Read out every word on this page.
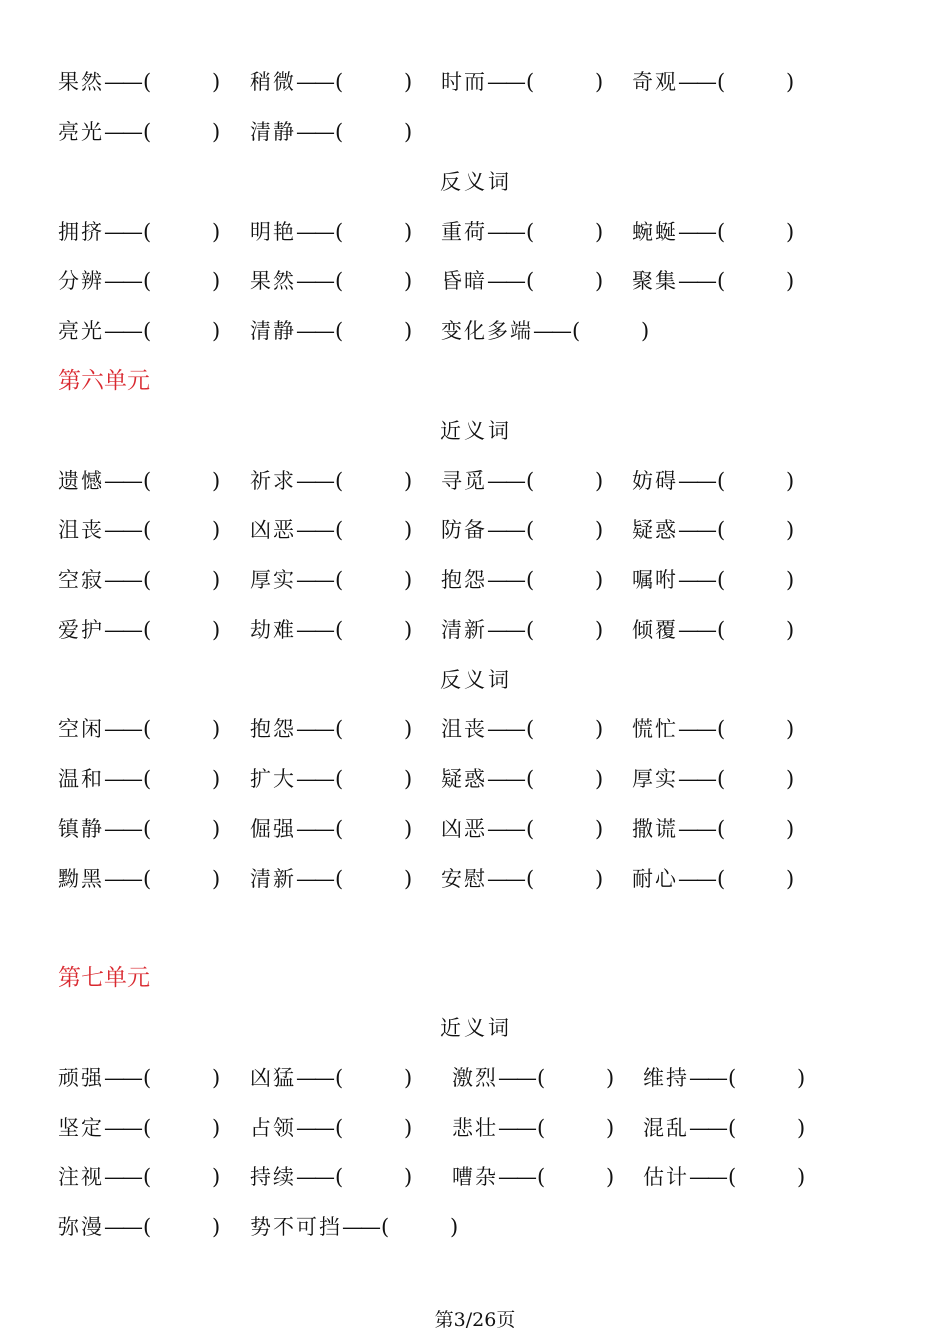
果然—— (	) 稍微—— (	) 时而—— (	) 奇观—— (	)
亮光—— (	) 清静—— (	)
反义词
拥挤—— (	) 明艳—— (	) 重荷—— (	) 蜿蜒—— (	)
分辨—— (	) 果然—— (	) 昏暗—— (	) 聚集—— (	)
亮光—— (	) 清静—— (	) 变化多端—— (	)
第六单元
近义词
遗憾—— (	) 祈求—— (	) 寻觅—— (	) 妨碍—— (	)
沮丧—— (	) 凶恶—— (	) 防备—— (	) 疑惑—— (	)
空寂—— (	) 厚实—— (	) 抱怨—— (	) 嘱咐—— (	)
爱护—— (	) 劫难—— (	) 清新—— (	) 倾覆—— (	)
反义词
空闲—— (	) 抱怨—— (	) 沮丧—— (	) 慌忙—— (	)
温和—— (	) 扩大—— (	) 疑惑—— (	) 厚实—— (	)
镇静—— (	) 倔强—— (	) 凶恶—— (	) 撒谎—— (	)
黝黑—— (	) 清新—— (	) 安慰—— (	) 耐心—— (	)
第七单元
近义词
顽强—— (	) 凶猛—— (	) 激烈—— (	) 维持—— (	)
坚定—— (	) 占领—— (	) 悲壮—— (	) 混乱—— (	)
注视—— (	) 持续—— (	) 嘈杂—— (	) 估计—— (	)
弥漫—— (	) 势不可挡—— (	)
第3/26页
